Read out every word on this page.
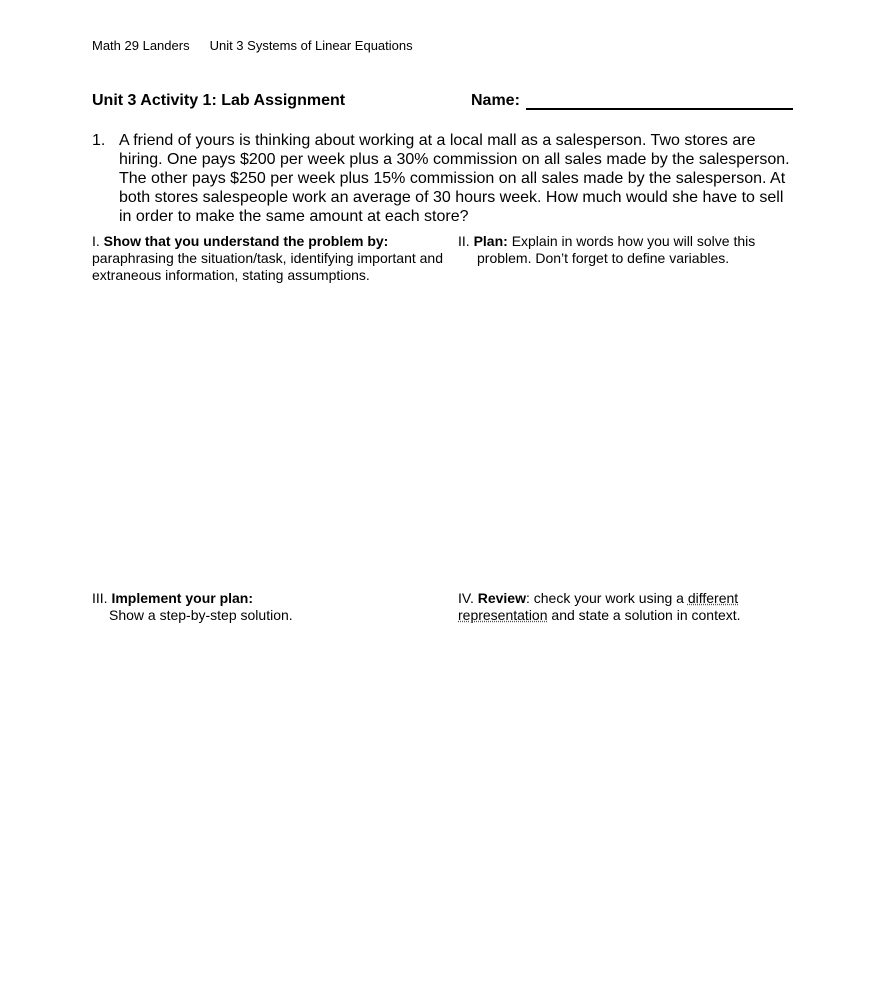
Math 29 Landers Unit 3 Systems of Linear Equations
Unit 3 Activity 1: Lab Assignment	Name:
1. A friend of yours is thinking about working at a local mall as a salesperson. Two stores are hiring. One pays $200 per week plus a 30% commission on all sales made by the salesperson. The other pays $250 per week plus 15% commission on all sales made by the salesperson. At both stores salespeople work an average of 30 hours week. How much would she have to sell in order to make the same amount at each store?
I. Show that you understand the problem by: paraphrasing the situation/task, identifying important and extraneous information, stating assumptions.
II. Plan: Explain in words how you will solve this
problem. Don’t forget to define variables.
III. Implement your plan:
Show a step-by-step solution.
IV. Review: check your work using a different representation and state a solution in context.
